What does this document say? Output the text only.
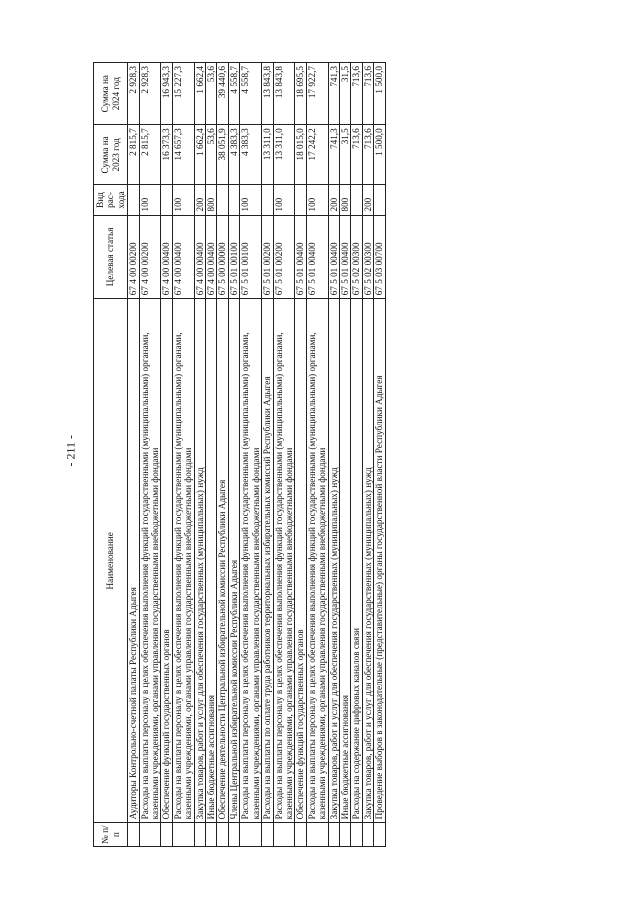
- 211 -
№ п/п	Наименование	Целевая статья	Вид рас-хода	Сумма на 2023 год	Сумма на 2024 год
	Аудиторы Контрольно-счетной палаты Республики Адыгея	67 4 00 00200		2 815,7	2 928,3
	Расходы на выплаты персоналу в целях обеспечения выполнения функций государственными (муниципальными) органами, казенными учреждениями, органами управления государственными внебюджетными фондами	67 4 00 00200	100	2 815,7	2 928,3
	Обеспечение функций государственных органов	67 4 00 00400		16 373,3	16 943,3
	Расходы на выплаты персоналу в целях обеспечения выполнения функций государственными (муниципальными) органами, казенными учреждениями, органами управления государственными внебюджетными фондами	67 4 00 00400	100	14 657,3	15 227,3
	Закупка товаров, работ и услуг для обеспечения государственных (муниципальных) нужд	67 4 00 00400	200	1 662,4	1 662,4
	Иные бюджетные ассигнования	67 4 00 00400	800	53,6	53,6
	Обеспечение деятельности Центральной избирательной комиссии Республики Адыгея	67 5 00 00000		38 051,9	39 440,6
	Члены Центральной избирательной комиссии Республики Адыгея	67 5 01 00100		4 383,3	4 558,7
	Расходы на выплаты персоналу в целях обеспечения выполнения функций государственными (муниципальными) органами, казенными учреждениями, органами управления государственными внебюджетными фондами	67 5 01 00100	100	4 383,3	4 558,7
	Расходы на выплаты по оплате труда работников территориальных избирательных комиссий Республики Адыгея	67 5 01 00200		13 311,0	13 843,8
	Расходы на выплаты персоналу в целях обеспечения выполнения функций государственными (муниципальными) органами, казенными учреждениями, органами управления государственными внебюджетными фондами	67 5 01 00200	100	13 311,0	13 843,8
	Обеспечение функций государственных органов	67 5 01 00400		18 015,0	18 695,5
	Расходы на выплаты персоналу в целях обеспечения выполнения функций государственными (муниципальными) органами, казенными учреждениями, органами управления государственными внебюджетными фондами	67 5 01 00400	100	17 242,2	17 922,7
	Закупка товаров, работ и услуг для обеспечения государственных (муниципальных) нужд	67 5 01 00400	200	741,3	741,3
	Иные бюджетные ассигнования	67 5 01 00400	800	31,5	31,5
	Расходы на содержание цифровых каналов связи	67 5 02 00300		713,6	713,6
	Закупка товаров, работ и услуг для обеспечения государственных (муниципальных) нужд	67 5 02 00300	200	713,6	713,6
	Проведение выборов в законодательные (представительные) органы государственной власти Республики Адыгея	67 5 03 00700		1 500,0	1 500,0
